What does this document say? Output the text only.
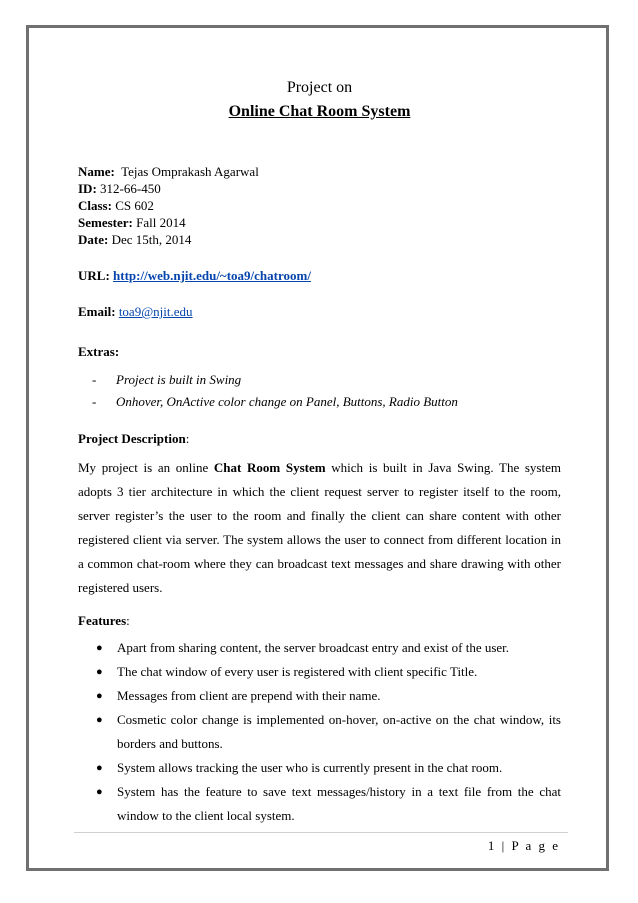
Project on
Online Chat Room System
Name:  Tejas Omprakash Agarwal
ID: 312-66-450
Class: CS 602
Semester: Fall 2014
Date: Dec 15th, 2014
URL: http://web.njit.edu/~toa9/chatroom/
Email: toa9@njit.edu
Extras:
- Project is built in Swing
- Onhover, OnActive color change on Panel, Buttons, Radio Button
Project Description:
My project is an online Chat Room System which is built in Java Swing. The system adopts 3 tier architecture in which the client request server to register itself to the room, server register’s the user to the room and finally the client can share content with other registered client via server. The system allows the user to connect from different location in a common chat-room where they can broadcast text messages and share drawing with other registered users.
Features:
● Apart from sharing content, the server broadcast entry and exist of the user.
● The chat window of every user is registered with client specific Title.
● Messages from client are prepend with their name.
● Cosmetic color change is implemented on-hover, on-active on the chat window, its borders and buttons.
● System allows tracking the user who is currently present in the chat room.
● System has the feature to save text messages/history in a text file from the chat window to the client local system.
1 | P a g e
